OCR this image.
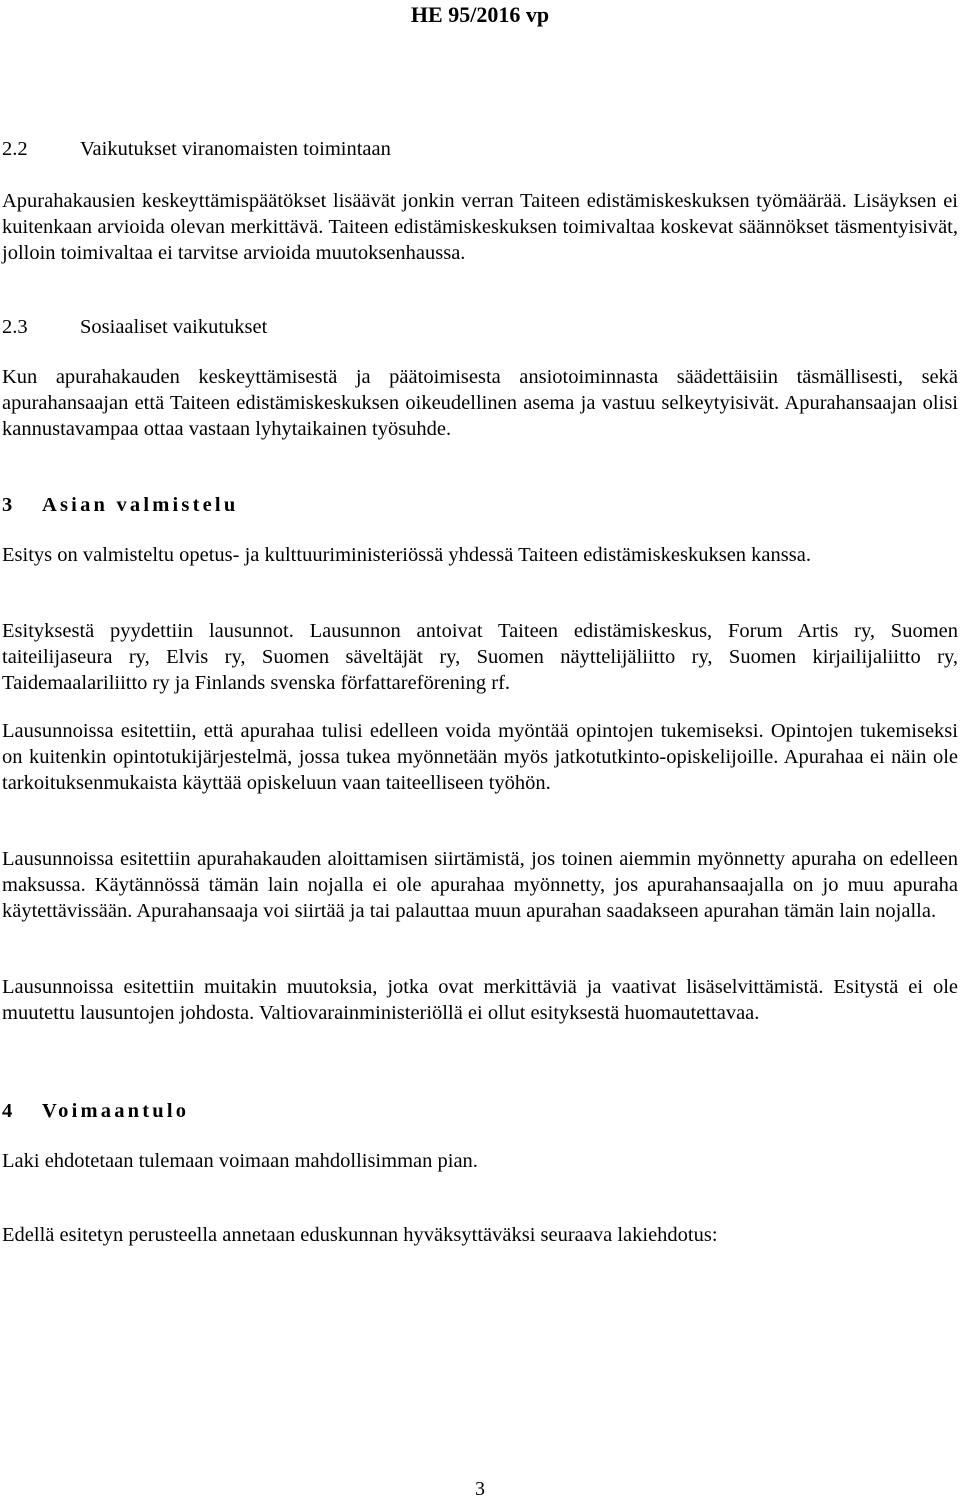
HE 95/2016 vp
2.2	Vaikutukset viranomaisten toimintaan
Apurahakausien keskeyttämispäätökset lisäävät jonkin verran Taiteen edistämiskeskuksen työmäärää. Lisäyksen ei kuitenkaan arvioida olevan merkittävä. Taiteen edistämiskeskuksen toimivaltaa koskevat säännökset täsmentyisivät, jolloin toimivaltaa ei tarvitse arvioida muutoksenhaussa.
2.3	Sosiaaliset vaikutukset
Kun apurahakauden keskeyttämisestä ja päätoimisesta ansiotoiminnasta säädettäisiin täsmällisesti, sekä apurahansaajan että Taiteen edistämiskeskuksen oikeudellinen asema ja vastuu selkeytyisivät. Apurahansaajan olisi kannustavampaa ottaa vastaan lyhytaikainen työsuhde.
3 Asian valmistelu
Esitys on valmisteltu opetus- ja kulttuuriministeriössä yhdessä Taiteen edistämiskeskuksen kanssa.
Esityksestä pyydettiin lausunnot. Lausunnon antoivat Taiteen edistämiskeskus, Forum Artis ry, Suomen taiteilijaseura ry, Elvis ry, Suomen säveltäjät ry, Suomen näyttelijäliitto ry, Suomen kirjailijaliitto ry, Taidemaalariliitto ry ja Finlands svenska författareförening rf.
Lausunnoissa esitettiin, että apurahaa tulisi edelleen voida myöntää opintojen tukemiseksi. Opintojen tukemiseksi on kuitenkin opintotukijärjestelmä, jossa tukea myönnetään myös jatkotutkinto-opiskelijoille. Apurahaa ei näin ole tarkoituksenmukaista käyttää opiskeluun vaan taiteelliseen työhön.
Lausunnoissa esitettiin apurahakauden aloittamisen siirtämistä, jos toinen aiemmin myönnetty apuraha on edelleen maksussa. Käytännössä tämän lain nojalla ei ole apurahaa myönnetty, jos apurahansaajalla on jo muu apuraha käytettävissään. Apurahansaaja voi siirtää ja tai palauttaa muun apurahan saadakseen apurahan tämän lain nojalla.
Lausunnoissa esitettiin muitakin muutoksia, jotka ovat merkittäviä ja vaativat lisäselvittämistä. Esitystä ei ole muutettu lausuntojen johdosta. Valtiovarainministeriöllä ei ollut esityksestä huomautettavaa.
4 Voimaantulo
Laki ehdotetaan tulemaan voimaan mahdollisimman pian.
Edellä esitetyn perusteella annetaan eduskunnan hyväksyttäväksi seuraava lakiehdotus:
3
